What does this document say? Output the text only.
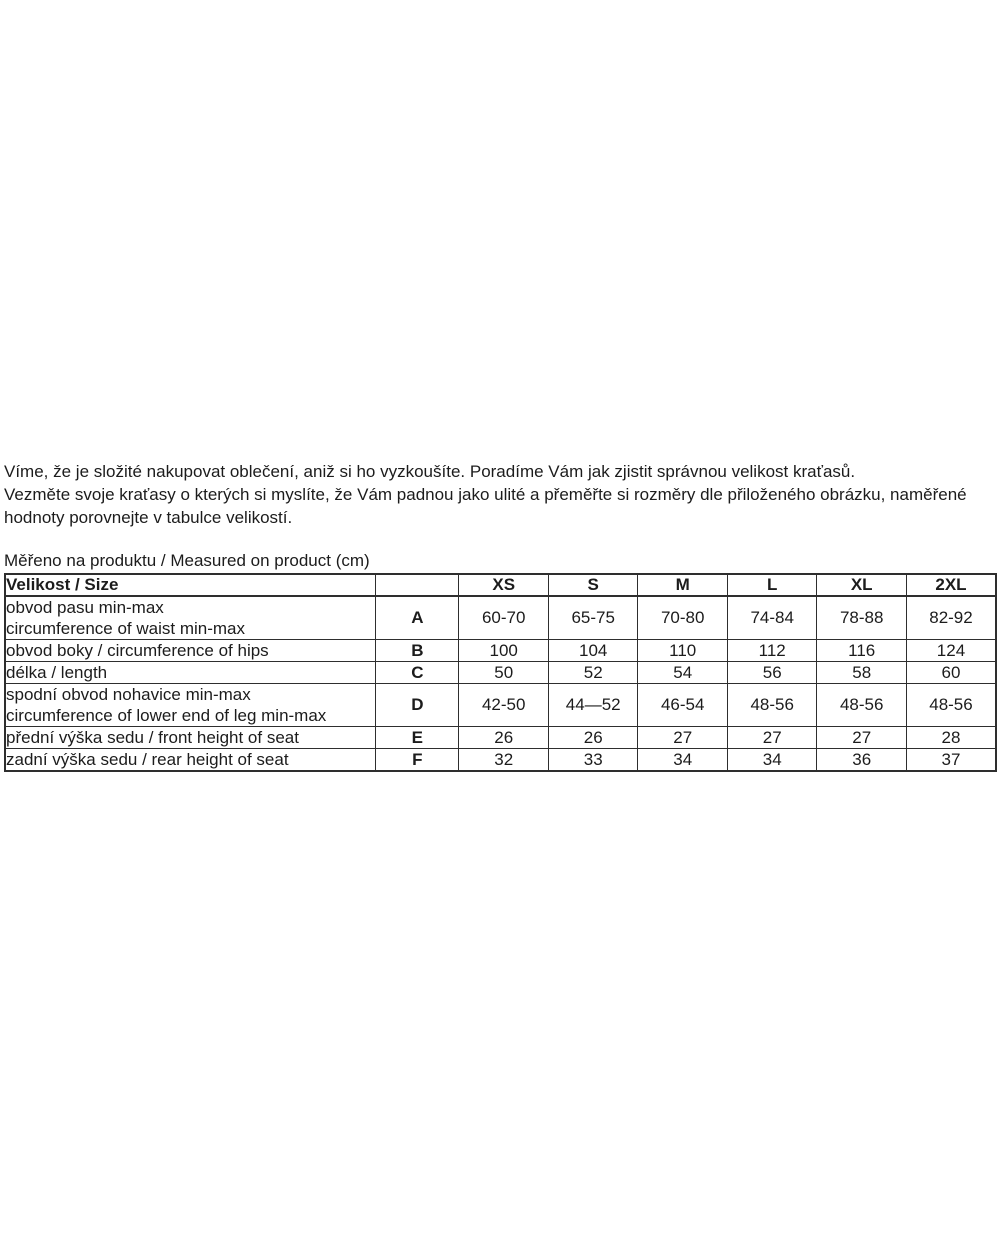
Víme, že je složité nakupovat oblečení, aniž si ho vyzkoušíte. Poradíme Vám jak zjistit správnou velikost kraťasů.
Vezměte svoje kraťasy o kterých si myslíte, že Vám padnou jako ulité a přeměřte si rozměry dle přiloženého obrázku, naměřené
hodnoty porovnejte v tabulce velikostí.
Měřeno na produktu / Measured on product (cm)
Velikost / Size		XS	S	M	L	XL	2XL

obvod pasu min-max
circumference of waist min-max	A	60-70	65-75	70-80	74-84	78-88	82-92

obvod boky / circumference of hips	B	100	104	110	112	116	124

délka / length	C	50	52	54	56	58	60

spodní obvod nohavice min-max
circumference of lower end of leg min-max	D	42-50	44—52	46-54	48-56	48-56	48-56

přední výška sedu / front height of seat	E	26	26	27	27	27	28

zadní výška sedu / rear height of seat	F	32	33	34	34	36	37
